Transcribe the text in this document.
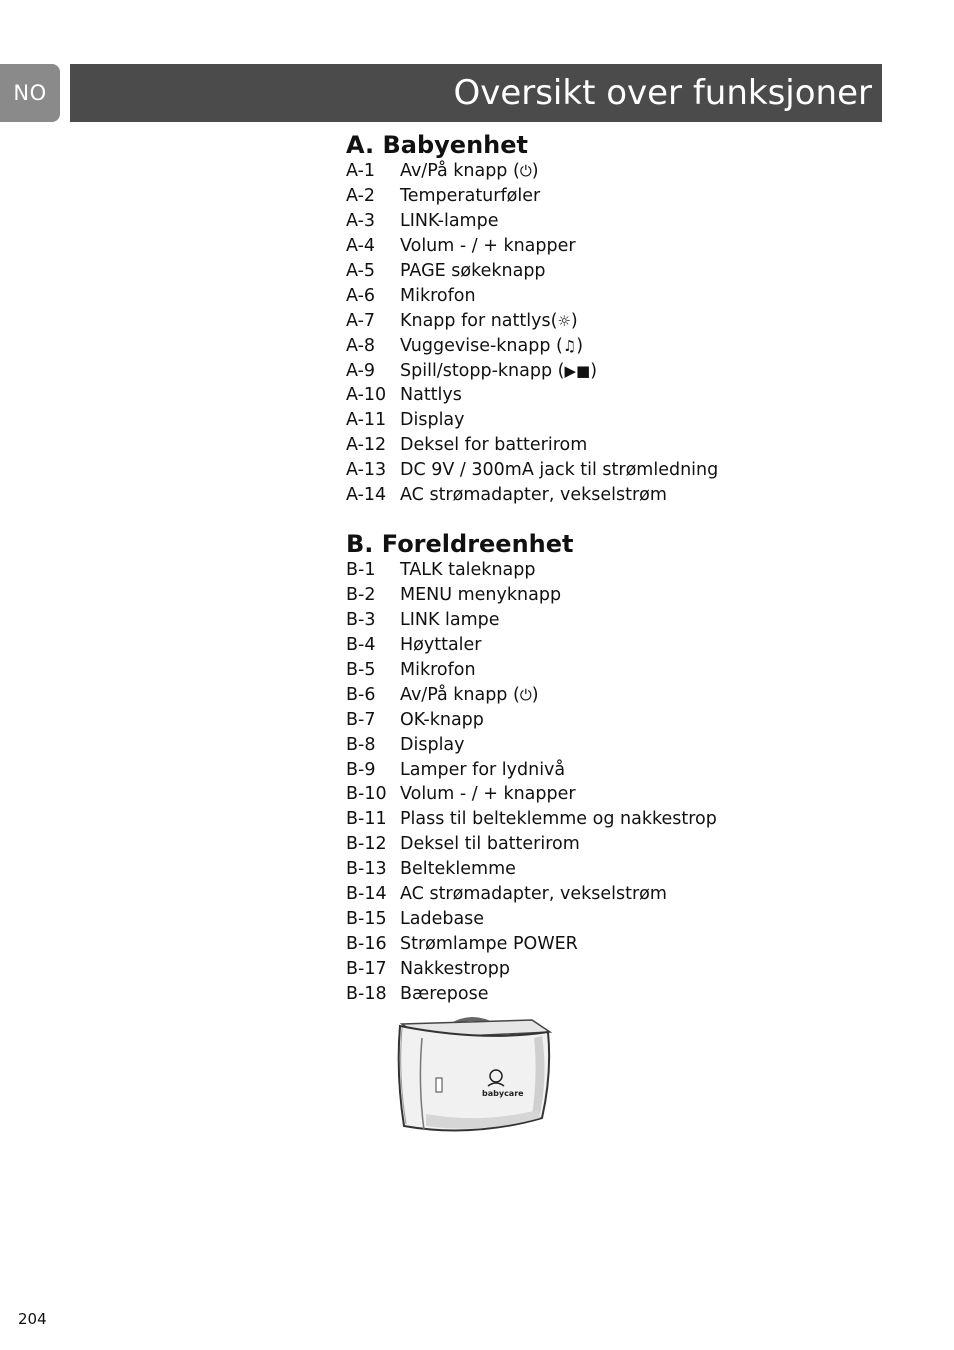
NO	Oversikt over funksjoner
A. Babyenhet
A-1 Av/På knapp (⏻)
A-2 Temperaturføler
A-3 LINK-lampe
A-4 Volum - / + knapper
A-5 PAGE søkeknapp
A-6 Mikrofon
A-7 Knapp for nattlys(☼)
A-8 Vuggevise-knapp (♫)
A-9 Spill/stopp-knapp (▶■)
A-10 Nattlys
A-11 Display
A-12 Deksel for batterirom
A-13 DC 9V / 300mA jack til strømledning
A-14 AC strømadapter, vekselstrøm
B. Foreldreenhet
B-1 TALK taleknapp
B-2 MENU menyknapp
B-3 LINK lampe
B-4 Høyttaler
B-5 Mikrofon
B-6 Av/På knapp (⏻)
B-7 OK-knapp
B-8 Display
B-9 Lamper for lydnivå
B-10 Volum - / + knapper
B-11 Plass til belteklemme og nakkestrop
B-12 Deksel til batterirom
B-13 Belteklemme
B-14 AC strømadapter, vekselstrøm
B-15 Ladebase
B-16 Strømlampe POWER
B-17 Nakkestropp
B-18 Bærepose
babycare
204
